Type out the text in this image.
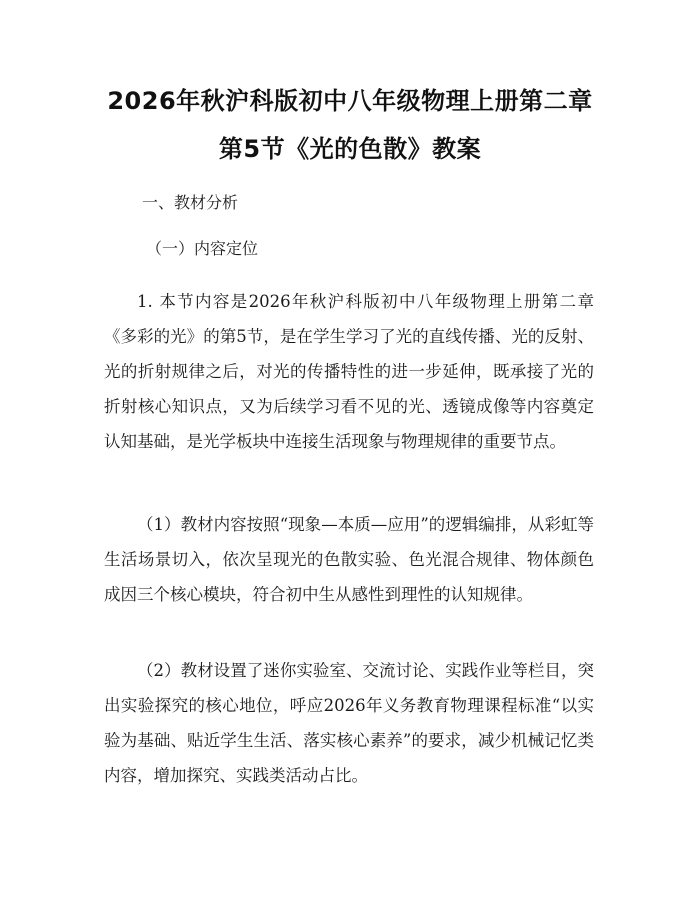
2026年秋沪科版初中八年级物理上册第二章
第5节《光的色散》教案
一、教材分析
（一）内容定位

1. 本节内容是2026年秋沪科版初中八年级物理上册第二章《多彩的光》的第5节，是在学生学习了光的直线传播、光的反射、光的折射规律之后，对光的传播特性的进一步延伸，既承接了光的折射核心知识点，又为后续学习看不见的光、透镜成像等内容奠定认知基础，是光学板块中连接生活现象与物理规律的重要节点。

（1）教材内容按照“现象—本质—应用”的逻辑编排，从彩虹等生活场景切入，依次呈现光的色散实验、色光混合规律、物体颜色成因三个核心模块，符合初中生从感性到理性的认知规律。

（2）教材设置了迷你实验室、交流讨论、实践作业等栏目，突出实验探究的核心地位，呼应2026年义务教育物理课程标准“以实验为基础、贴近学生生活、落实核心素养”的要求，减少机械记忆类内容，增加探究、实践类活动占比。
